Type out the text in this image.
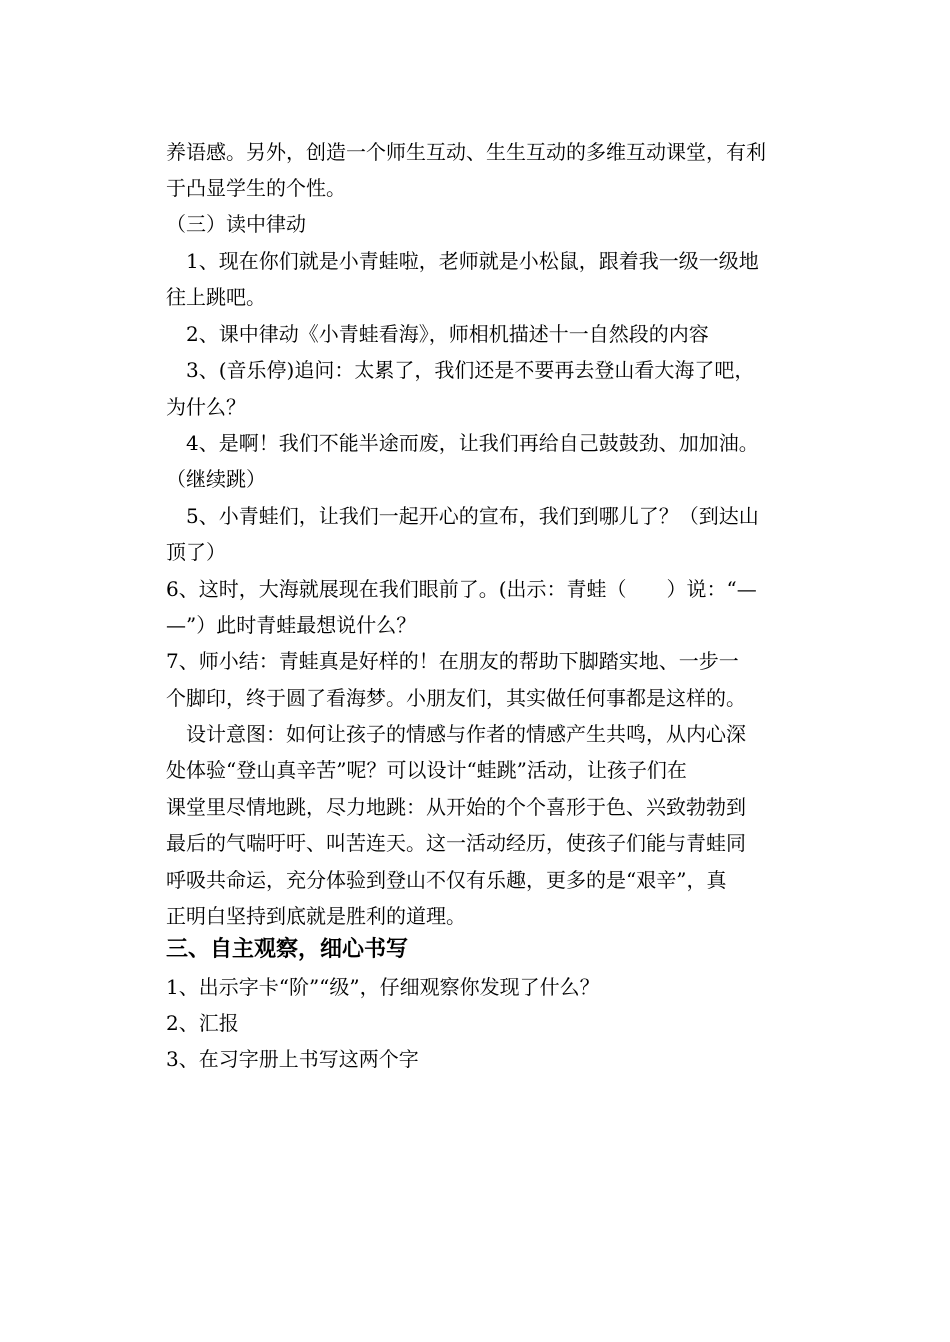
养语感。另外，创造一个师生互动、生生互动的多维互动课堂，有利
于凸显学生的个性。
（三）读中律动
　1、现在你们就是小青蛙啦，老师就是小松鼠，跟着我一级一级地
往上跳吧。
　2、课中律动《小青蛙看海》，师相机描述十一自然段的内容
　3、(音乐停)追问：太累了，我们还是不要再去登山看大海了吧，
为什么？
　4、是啊！我们不能半途而废，让我们再给自己鼓鼓劲、加加油。
（继续跳）
　5、小青蛙们，让我们一起开心的宣布，我们到哪儿了？（到达山
顶了）
6、这时，大海就展现在我们眼前了。(出示：青蛙（　　）说：“—
—”）此时青蛙最想说什么？
7、师小结：青蛙真是好样的！在朋友的帮助下脚踏实地、一步一
个脚印，终于圆了看海梦。小朋友们，其实做任何事都是这样的。
　设计意图：如何让孩子的情感与作者的情感产生共鸣，从内心深
处体验“登山真辛苦”呢？可以设计“蛙跳”活动，让孩子们在
课堂里尽情地跳，尽力地跳：从开始的个个喜形于色、兴致勃勃到
最后的气喘吁吁、叫苦连天。这一活动经历，使孩子们能与青蛙同
呼吸共命运，充分体验到登山不仅有乐趣，更多的是“艰辛”，真
正明白坚持到底就是胜利的道理。
三、自主观察，细心书写
1、出示字卡“阶”“级”，仔细观察你发现了什么？
2、汇报
3、在习字册上书写这两个字
